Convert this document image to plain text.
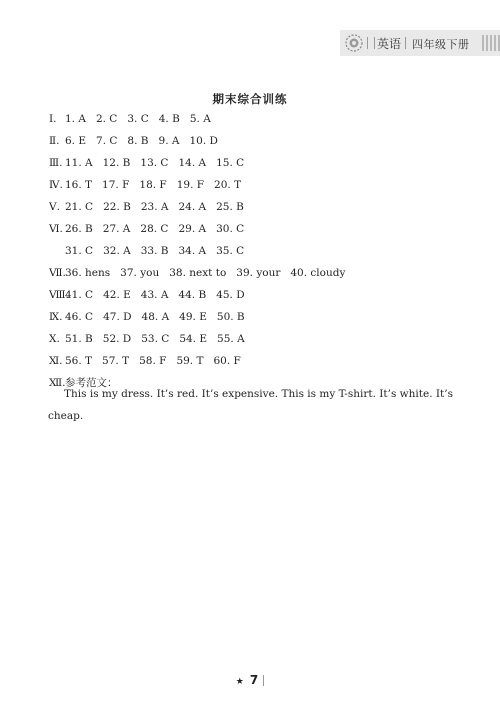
英语 四年级下册
期末综合训练
Ⅰ. 1. A   2. C   3. C   4. B   5. A
Ⅱ. 6. E   7. C   8. B   9. A   10. D
Ⅲ. 11. A   12. B   13. C   14. A   15. C
Ⅳ. 16. T   17. F   18. F   19. F   20. T
Ⅴ. 21. C   22. B   23. A   24. A   25. B
Ⅵ. 26. B   27. A   28. C   29. A   30. C
31. C   32. A   33. B   34. A   35. C
Ⅶ.36. hens   37. you   38. next to   39. your   40. cloudy
Ⅷ.41. C   42. E   43. A   44. B   45. D
Ⅸ. 46. C   47. D   48. A   49. E   50. B
Ⅹ. 51. B   52. D   53. C   54. E   55. A
Ⅺ. 56. T   57. T   58. F   59. T   60. F
Ⅻ.参考范文：
This is my dress. It’s red. It’s expensive. This is my T-shirt. It’s white. It’s
cheap.
★ 7
